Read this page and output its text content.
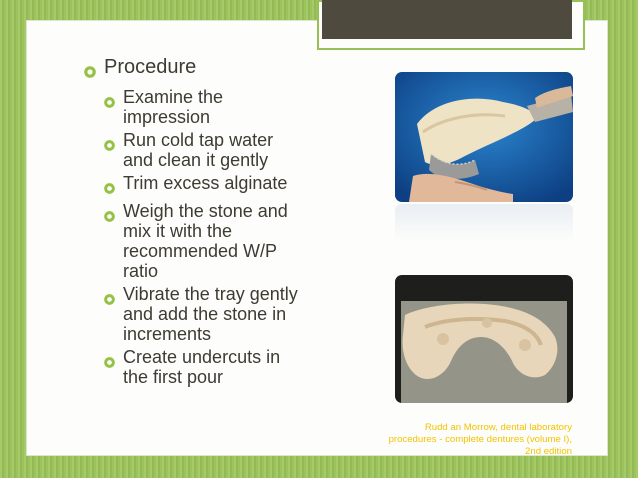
Procedure
Examine the
impression
Run cold tap water
and clean it gently
Trim excess alginate
Weigh the stone and
mix it with the
recommended W/P
ratio
Vibrate the tray gently
and add the stone in
increments
Create undercuts in
the first pour
Rudd an Morrow, dental laboratory
procedures - complete dentures (volume I),
2nd edition
